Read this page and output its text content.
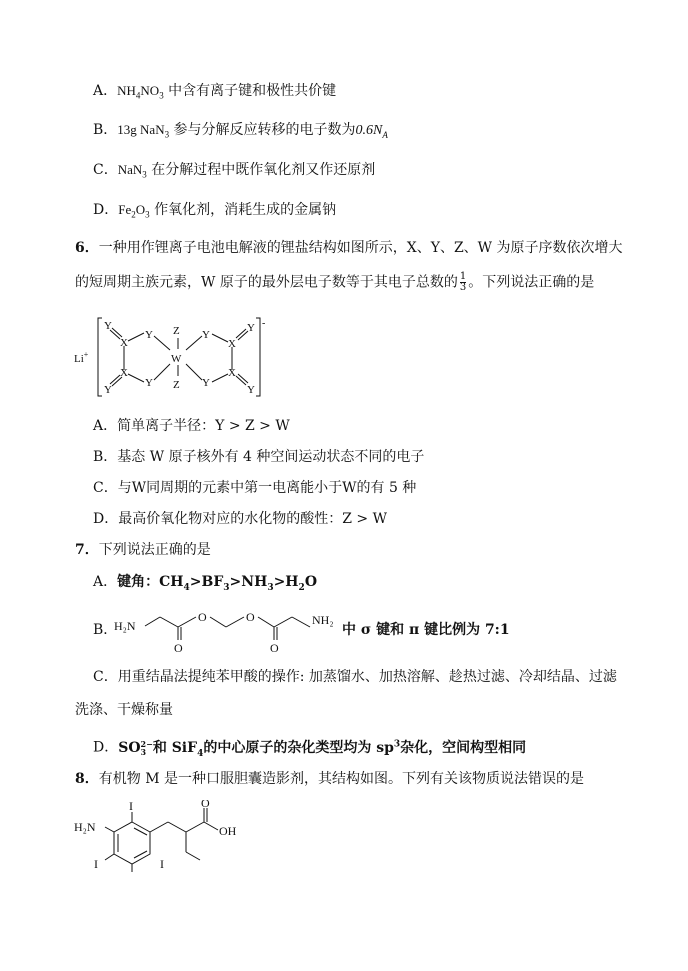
A．$NH_4NO_3$ 中含有离子键和极性共价键
B．13g NaN$_3$ 参与分解反应转移的电子数为$0.6N_A$
C．NaN$_3$ 在分解过程中既作氧化剂又作还原剂
D．$Fe_2O_3$ 作氧化剂，消耗生成的金属钠
6．一种用作锂离子电池电解液的锂盐结构如图所示，X、Y、Z、W 为原子序数依次增大
的短周期主族元素，W 原子的最外层电子数等于其电子总数的 $\frac{1}{3}$ 。下列说法正确的是
Li+
-
Y
X
Y Z
W
Z
Y
X
Y
Y
X
Y	Y
X
Y
A．简单离子半径：Y > Z > W
B．基态 W 原子核外有 4 种空间运动状态不同的电子
C．与W同周期的元素中第一电离能小于W的有 5 种
D．最高价氧化物对应的水化物的酸性：Z > W
7．下列说法正确的是
A．键角：$CH_4>BF_3>NH_3>H_2O$
B．
H₂N
O	O
O	O
NH₂
中 σ 键和 π 键比例为 7:1
C．用重结晶法提纯苯甲酸的操作: 加蒸馏水、加热溶解、趁热过滤、冷却结晶、过滤
洗涤、干燥称量
D．SO 2−
3 和 SiF$_4$的中心原子的杂化类型均为 $sp^3$杂化，空间构型相同
8．有机物 M 是一种口服胆囊造影剂，其结构如图。下列有关该物质说法错误的是
I
H₂N
I	I
O
OH
